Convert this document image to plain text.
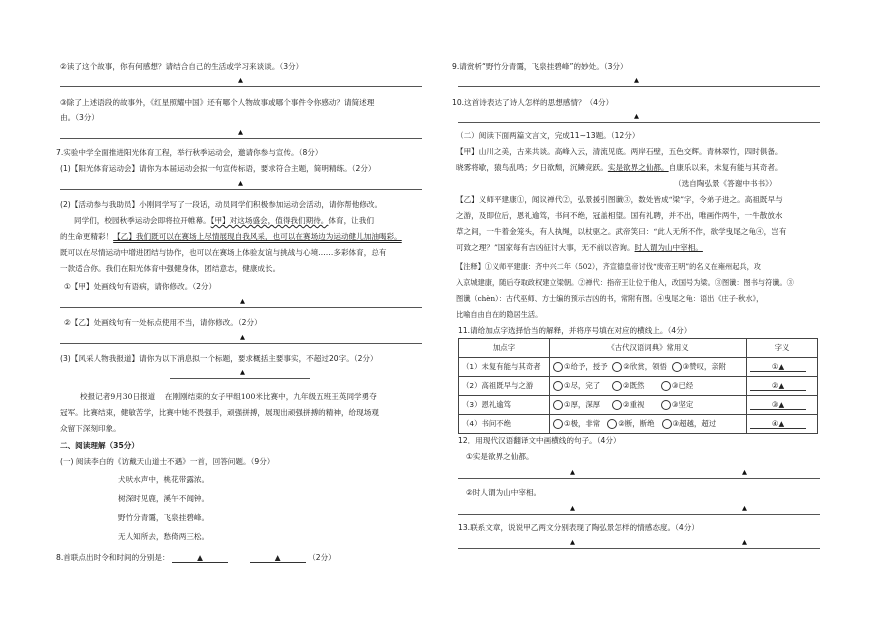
②读了这个故事，你有何感想？请结合自己的生活或学习来谈谈。（3分）
▲
③除了上述语段的故事外，《红星照耀中国》还有哪个人物故事或哪个事件令你感动？请简述理
由。（3分）
▲
7.实验中学全面推进阳光体育工程，举行秋季运动会，邀请你参与宣传。（8分）
(1)【阳光体育运动会】请你为本届运动会拟一句宣传标语，要求符合主题，简明精练。（2分）
▲
(2)【活动参与我助员】小刚同学写了一段话，动员同学们积极参加运动会活动，请你帮他修改。
同学们，校园秋季运动会即将拉开帷幕。【甲】对这场盛会，值得我们期待。体育，让我们
的生命更精彩！【乙】我们既可以在赛场上尽情展现自我风采，也可以在赛场边为运动健儿加油喝彩。
既可以在尽情运动中增进团结与协作，也可以在赛场上体验友谊与挑战与心境……多彩体育，总有
一款适合你。我们在阳光体育中强健身体，团结意志，健康成长。
①【甲】处画线句有语病，请你修改。（2分）
▲
②【乙】处画线句有一处标点使用不当，请你修改。（2分）
▲
(3)【风采人物我报道】请你为以下消息拟一个标题，要求概括主要事实，不超过20字。（2分）
▲
校报记者9月30日报道 在刚刚结束的女子甲组100米比赛中，九年级五班王英同学勇夺
冠军。比赛结束，健敏苦学，比赛中她不畏强手，顽强拼搏，展现出顽强拼搏的精神，给现场观
众留下深刻印象。
二、阅读理解（35分）
(一) 阅读李白的《访戴天山道士不遇》一首，回答问题。（9分）
犬吠水声中，桃花带露浓。
树深时见鹿，溪午不闻钟。
野竹分青霭，飞泉挂碧峰。
无人知所去，愁倚两三松。
8.首联点出时令和时间的分别是：	▲	▲	（2分）
9.请赏析“野竹分青霭，飞泉挂碧峰”的妙处。（3分）
▲
10.这首诗表达了诗人怎样的思想感情？（4分）
▲
（二）阅读下面两篇文言文，完成11~13题。（12分）
【甲】山川之美，古来共谈。高峰入云，清流见底。两岸石壁，五色交辉。青林翠竹，四时俱备。
晓雾将歇，猿鸟乱鸣；夕日欲颓，沉鳞竞跃。实是欲界之仙都。自康乐以来，未复有能与其奇者。
（选自陶弘景《答谢中书书》）
【乙】义师平建康①，闻议禅代②，弘景援引图谶③，数处皆成“梁”字，令弟子进之。高祖既早与
之游，及即位后，恩礼逾笃，书问不绝，冠盖相望。国有礼聘，并不出，唯画作两牛，一牛散放水
草之间，一牛着金笼头，有人执绳，以杖驱之。武帝笑曰：“此人无所不作，欲学曳尾之龟④，岂有
可致之理？”国家每有吉凶征讨大事，无不前以咨询。时人谓为山中宰相。
【注释】①义师平建康：齐中兴二年（502），齐宣德皇帝讨伐“废帝王明”的名义在雍州起兵，攻
入京城建康，随后夺取政权建立梁朝。②禅代：指帝王让位于他人，改国号为梁。③图谶：图书与符谶。③
图谶（chèn）：古代巫师、方士编的预示吉凶的书，常附有图。④曳尾之龟：语出《庄子·秋水》，
比喻自由自在的隐居生活。
11.请给加点字选择恰当的解释，并将序号填在对应的横线上。（4分）
加点字	《古代汉语词典》常用义	字义
（1）未复有能与其奇者	①给予，授予 ②欣赏，领悟 ③赞叹，亲附	①▲
（2）高祖既早与之游	①尽，完了 ②既然 ③已经	②▲
（3）恩礼逾笃	①厚，深厚 ②重视 ③坚定	③▲
（4）书问不绝	①极，非常 ②断，断绝 ③超越，超过	④▲
12．用现代汉语翻译文中画横线的句子。（4分）
①实是欲界之仙都。
▲	▲
②时人谓为山中宰相。
▲	▲
13.联系文章，说说甲乙两文分别表现了陶弘景怎样的情感态度。（4分）
▲	▲
